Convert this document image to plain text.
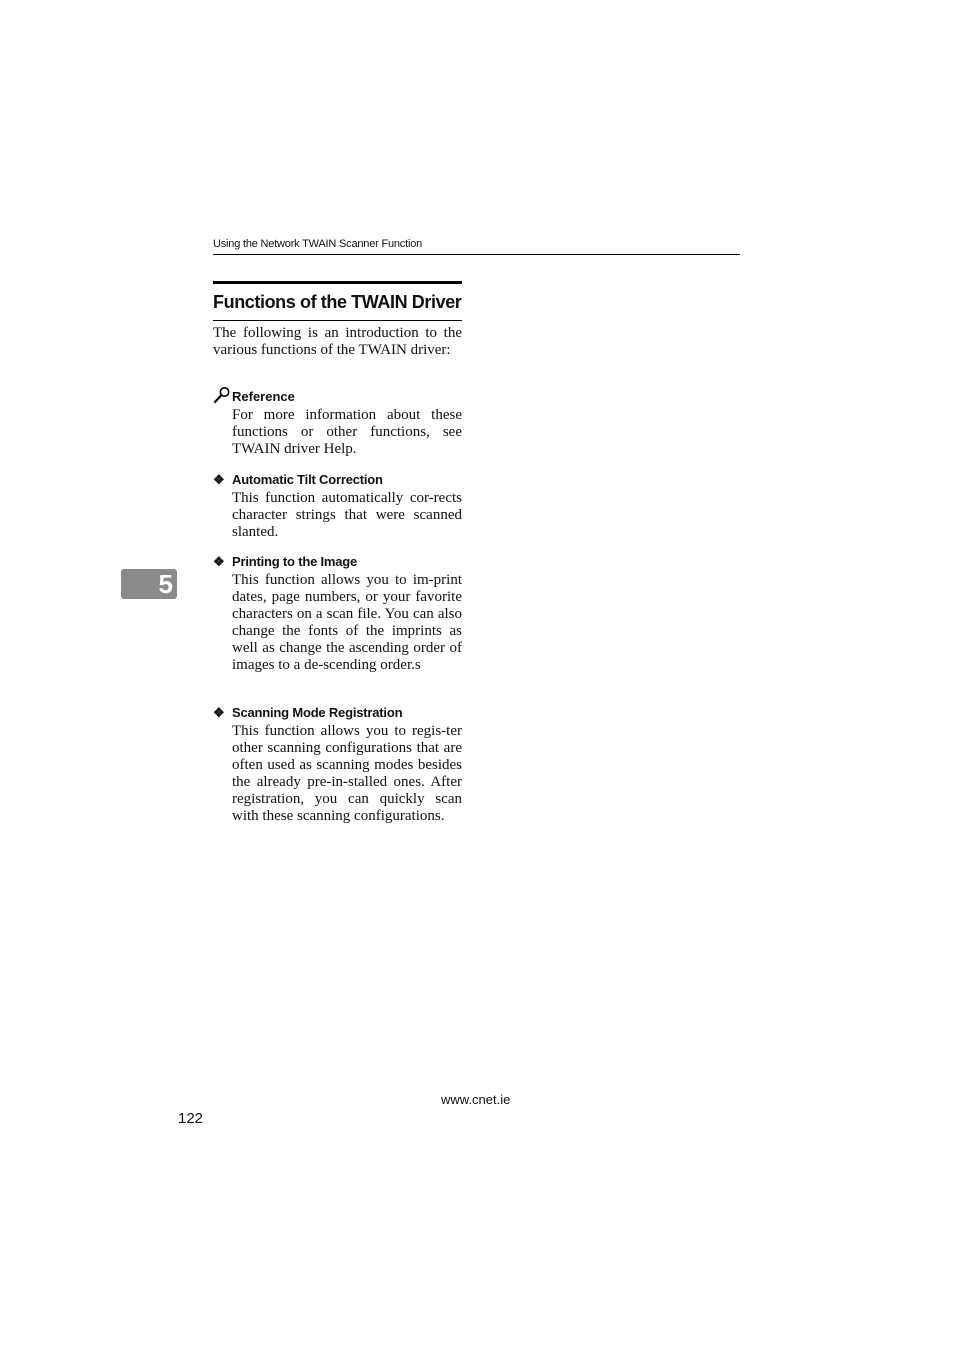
Using the Network TWAIN Scanner Function
Functions of the TWAIN Driver

The following is an introduction to the various functions of the TWAIN driver:

Reference

For more information about these functions or other functions, see TWAIN driver Help.

❖ Automatic Tilt Correction

This function automatically cor-rects character strings that were scanned slanted.

❖ Printing to the Image

This function allows you to im-print dates, page numbers, or your favorite characters on a scan file. You can also change the fonts of the imprints as well as change the ascending order of images to a de-scending order.s

❖ Scanning Mode Registration

This function allows you to regis-ter other scanning configurations that are often used as scanning modes besides the already pre-in-stalled ones. After registration, you can quickly scan with these scanning configurations.

5
www.cnet.ie
122
